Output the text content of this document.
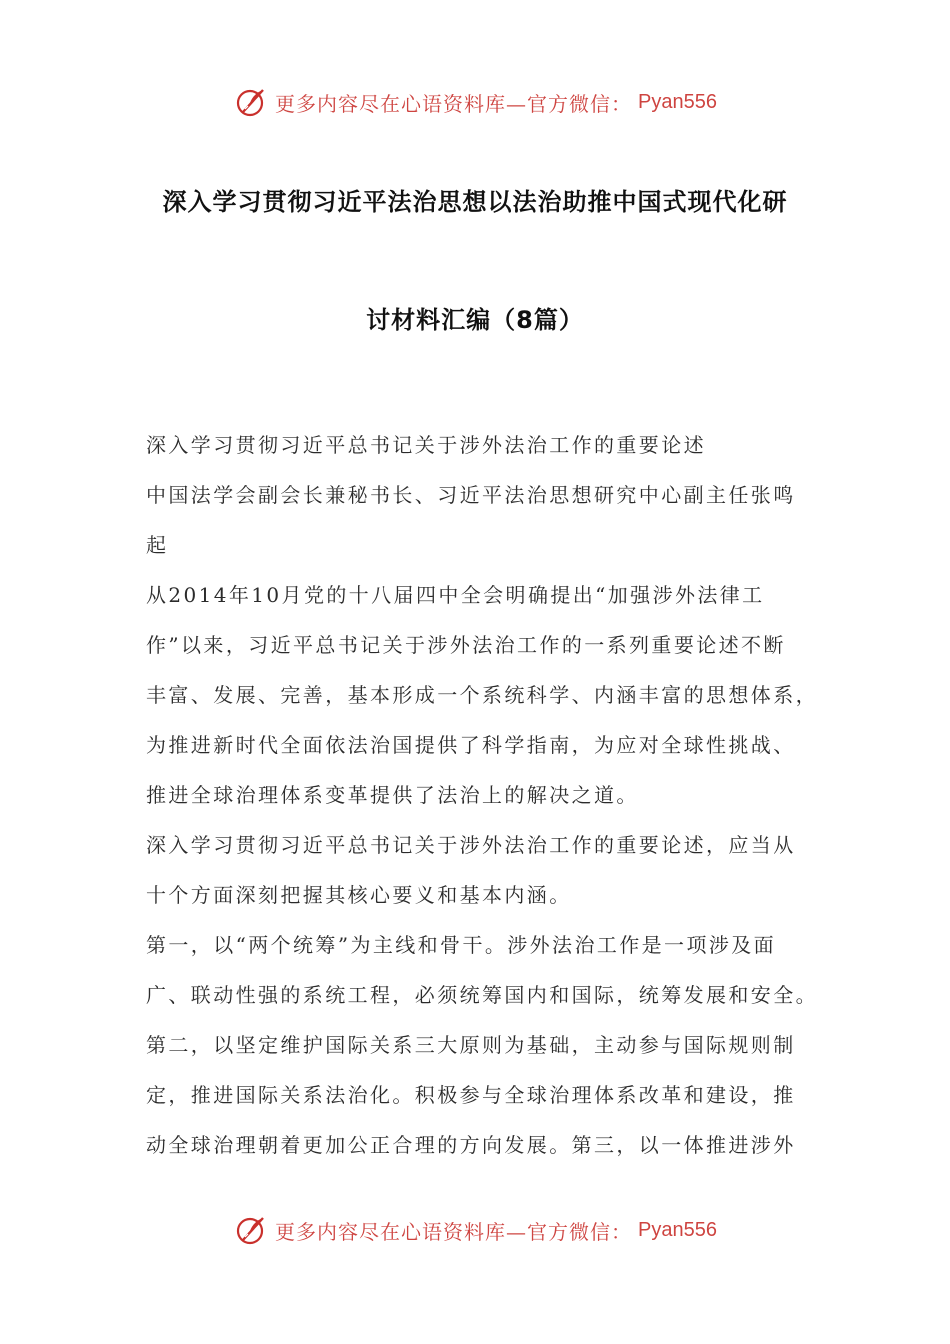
更多内容尽在心语资料库—官方微信： Pyan556
深入学习贯彻习近平法治思想以法治助推中国式现代化研
讨材料汇编（8篇）
深入学习贯彻习近平总书记关于涉外法治工作的重要论述
中国法学会副会长兼秘书长、习近平法治思想研究中心副主任张鸣
起
从2014年10月党的十八届四中全会明确提出“加强涉外法律工
作”以来，习近平总书记关于涉外法治工作的一系列重要论述不断
丰富、发展、完善，基本形成一个系统科学、内涵丰富的思想体系，
为推进新时代全面依法治国提供了科学指南，为应对全球性挑战、
推进全球治理体系变革提供了法治上的解决之道。
深入学习贯彻习近平总书记关于涉外法治工作的重要论述，应当从
十个方面深刻把握其核心要义和基本内涵。
第一，以“两个统筹”为主线和骨干。涉外法治工作是一项涉及面
广、联动性强的系统工程，必须统筹国内和国际，统筹发展和安全。
第二，以坚定维护国际关系三大原则为基础，主动参与国际规则制
定，推进国际关系法治化。积极参与全球治理体系改革和建设，推
动全球治理朝着更加公正合理的方向发展。第三，以一体推进涉外
更多内容尽在心语资料库—官方微信： Pyan556
